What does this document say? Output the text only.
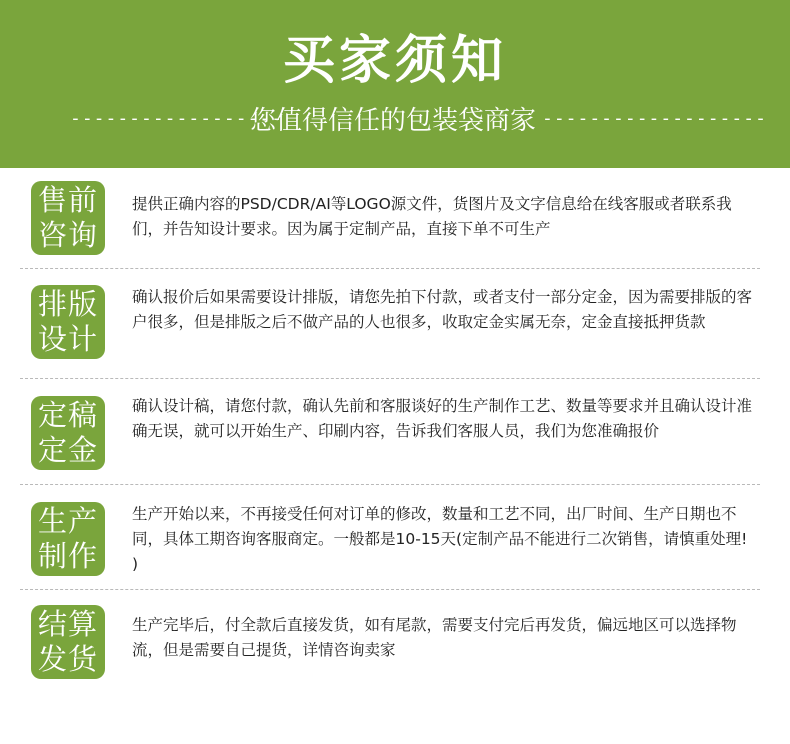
买家须知
------------------
您值得信任的包装袋商家 -------------------
售前
咨询
提供正确内容的PSD/CDR/AI等LOGO源文件，货图片及文字信息给在线客服或者联系我们，并告知设计要求。因为属于定制产品，直接下单不可生产
排版
设计
确认报价后如果需要设计排版，请您先拍下付款，或者支付一部分定金，因为需要排版的客户很多，但是排版之后不做产品的人也很多，收取定金实属无奈，定金直接抵押货款
定稿
定金
确认设计稿，请您付款，确认先前和客服谈好的生产制作工艺、数量等要求并且确认设计准确无误，就可以开始生产、印刷内容，告诉我们客服人员，我们为您准确报价
生产
制作
生产开始以来，不再接受任何对订单的修改，数量和工艺不同，出厂时间、生产日期也不同，具体工期咨询客服商定。一般都是10-15天(定制产品不能进行二次销售，请慎重处理! )
结算
发货
生产完毕后，付全款后直接发货，如有尾款，需要支付完后再发货，偏远地区可以选择物流，但是需要自己提货，详情咨询卖家
